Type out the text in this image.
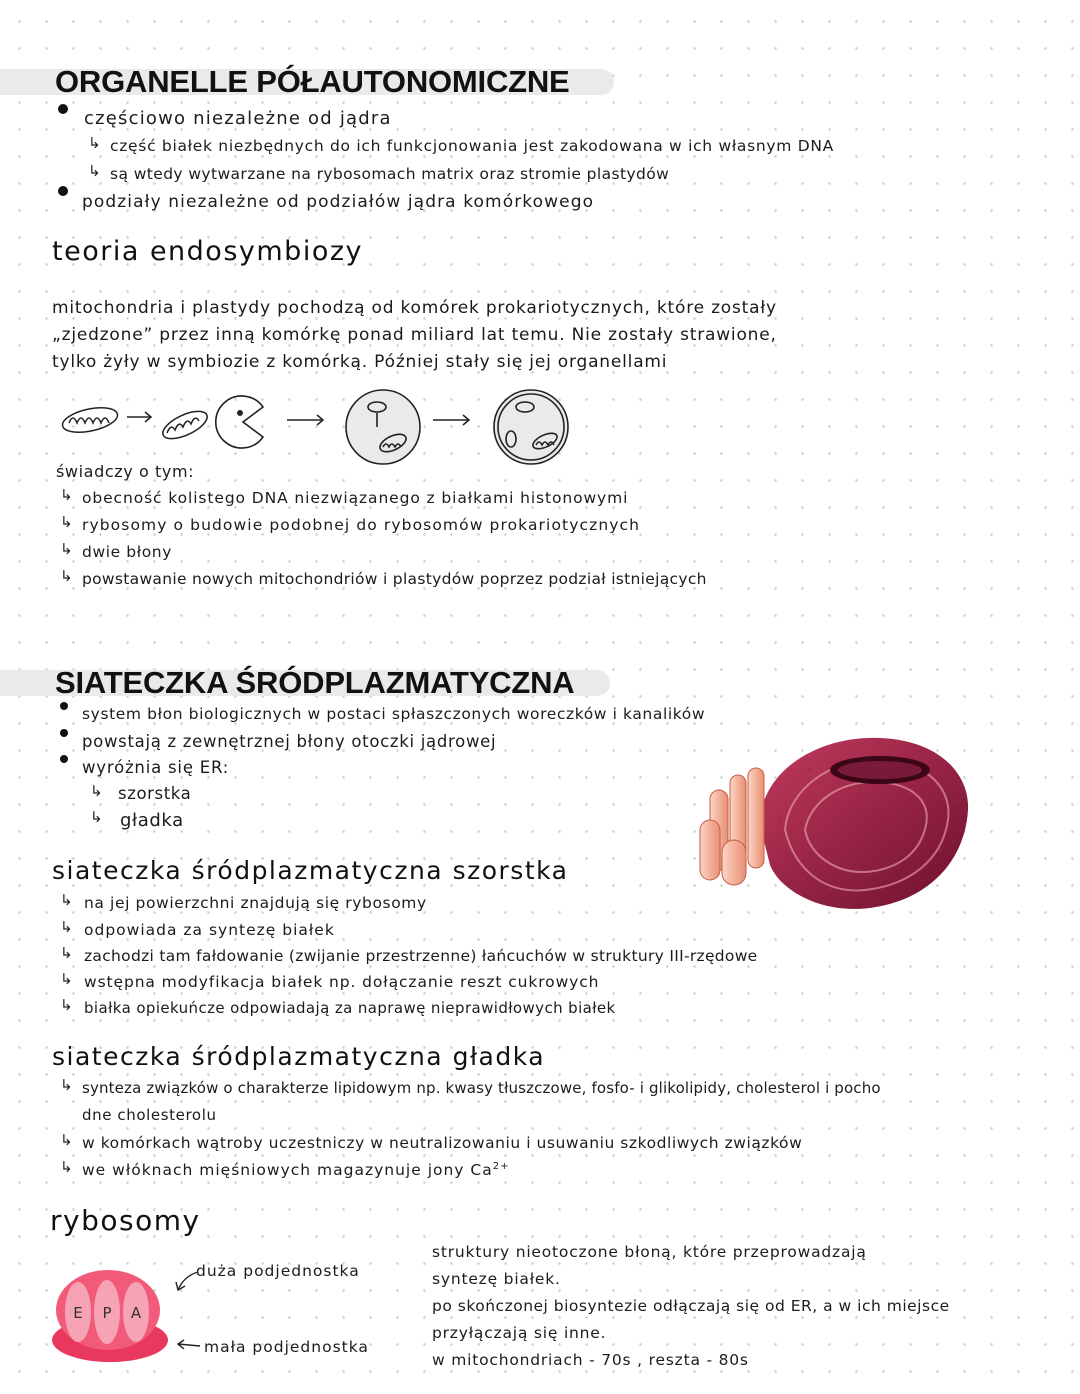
ORGANELLE PÓŁAUTONOMICZNE
częściowo niezależne od jądra
↳ część białek niezbędnych do ich funkcjonowania jest zakodowana w ich własnym DNA
↳ są wtedy wytwarzane na rybosomach matrix oraz stromie plastydów
podziały niezależne od podziałów jądra komórkowego
teoria endosymbiozy
mitochondria i plastydy pochodzą od komórek prokariotycznych, które zostały
„zjedzone” przez inną komórkę ponad miliard lat temu. Nie zostały strawione,
tylko żyły w symbiozie z komórką. Później stały się jej organellami
świadczy o tym:
↳ obecność kolistego DNA niezwiązanego z białkami histonowymi
↳ rybosomy o budowie podobnej do rybosomów prokariotycznych
↳ dwie błony
↳ powstawanie nowych mitochondriów i plastydów poprzez podział istniejących
SIATECZKA ŚRÓDPLAZMATYCZNA
system błon biologicznych w postaci spłaszczonych woreczków i kanalików
powstają z zewnętrznej błony otoczki jądrowej
wyróżnia się ER:
↳ szorstka
↳ gładka
siateczka śródplazmatyczna szorstka
↳ na jej powierzchni znajdują się rybosomy
↳ odpowiada za syntezę białek
↳ zachodzi tam fałdowanie (zwijanie przestrzenne) łańcuchów w struktury III-rzędowe
↳ wstępna modyfikacja białek np. dołączanie reszt cukrowych
↳ białka opiekuńcze odpowiadają za naprawę nieprawidłowych białek
siateczka śródplazmatyczna gładka
↳ synteza związków o charakterze lipidowym np. kwasy tłuszczowe, fosfo- i glikolipidy, cholesterol i pocho
dne cholesterolu
↳ w komórkach wątroby uczestniczy w neutralizowaniu i usuwaniu szkodliwych związków
↳ we włóknach mięśniowych magazynuje jony $Ca^{2+}$
rybosomy
E P A
duża podjednostka
mała podjednostka
struktury nieotoczone błoną, które przeprowadzają
syntezę białek.
po skończonej biosyntezie odłączają się od ER, a w ich miejsce
przyłączają się inne.
w mitochondriach - 70s , reszta - 80s
